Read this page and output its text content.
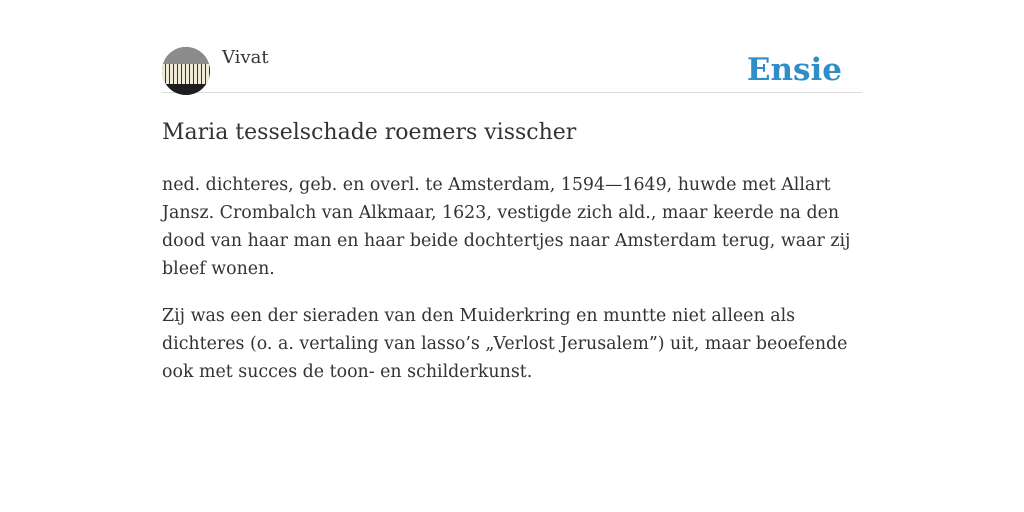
Vivat	Ensie
Maria tesselschade roemers visscher

ned. dichteres, geb. en overl. te Amsterdam, 1594—1649, huwde met Allart Jansz. Crombalch van Alkmaar, 1623, vestigde zich ald., maar keerde na den dood van haar man en haar beide dochtertjes naar Amsterdam terug, waar zij bleef wonen.

Zij was een der sieraden van den Muiderkring en muntte niet alleen als dichteres (o. a. vertaling van lasso’s „Verlost Jerusalem”) uit, maar beoefende ook met succes de toon- en schilderkunst.
